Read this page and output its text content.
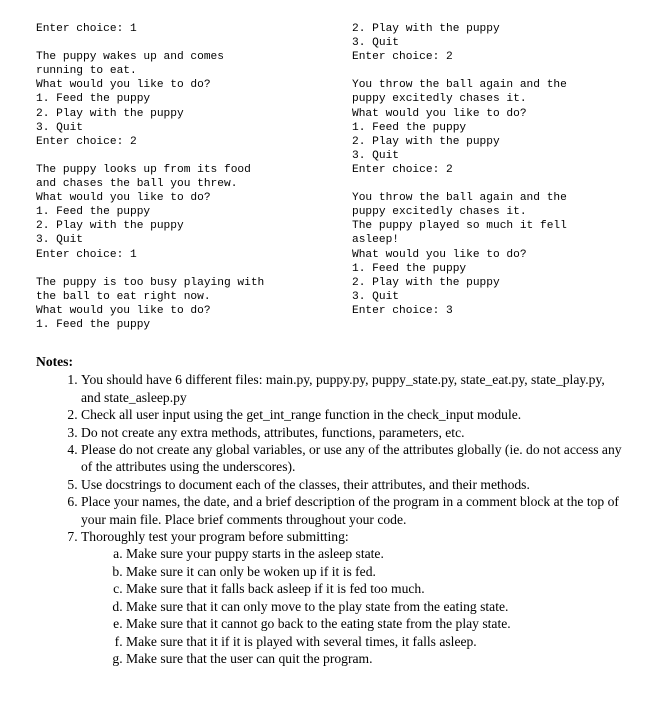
Enter choice: 1
The puppy wakes up and comes
running to eat.
What would you like to do?
1. Feed the puppy
2. Play with the puppy
3. Quit
Enter choice: 2
The puppy looks up from its food
and chases the ball you threw.
What would you like to do?
1. Feed the puppy
2. Play with the puppy
3. Quit
Enter choice: 1
The puppy is too busy playing with
the ball to eat right now.
What would you like to do?
1. Feed the puppy
2. Play with the puppy
3. Quit
Enter choice: 2
You throw the ball again and the
puppy excitedly chases it.
What would you like to do?
1. Feed the puppy
2. Play with the puppy
3. Quit
Enter choice: 2
You throw the ball again and the
puppy excitedly chases it.
The puppy played so much it fell
asleep!
What would you like to do?
1. Feed the puppy
2. Play with the puppy
3. Quit
Enter choice: 3
Notes:
1. You should have 6 different files: main.py, puppy.py, puppy_state.py, state_eat.py, state_play.py, and state_asleep.py
2. Check all user input using the get_int_range function in the check_input module.
3. Do not create any extra methods, attributes, functions, parameters, etc.
4. Please do not create any global variables, or use any of the attributes globally (ie. do not access any of the attributes using the underscores).
5. Use docstrings to document each of the classes, their attributes, and their methods.
6. Place your names, the date, and a brief description of the program in a comment block at the top of your main file. Place brief comments throughout your code.
7. Thoroughly test your program before submitting:
a. Make sure your puppy starts in the asleep state.
b. Make sure it can only be woken up if it is fed.
c. Make sure that it falls back asleep if it is fed too much.
d. Make sure that it can only move to the play state from the eating state.
e. Make sure that it cannot go back to the eating state from the play state.
f. Make sure that it if it is played with several times, it falls asleep.
g. Make sure that the user can quit the program.
